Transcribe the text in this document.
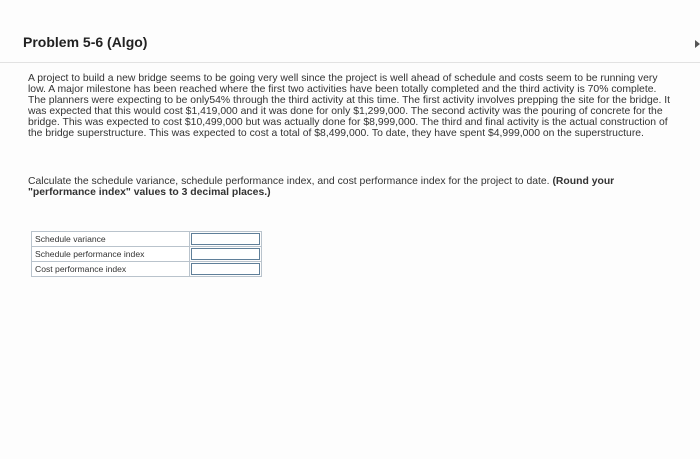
Problem 5-6 (Algo)

A project to build a new bridge seems to be going very well since the project is well ahead of schedule and costs seem to be running very low. A major milestone has been reached where the first two activities have been totally completed and the third activity is 70% complete. The planners were expecting to be only54% through the third activity at this time. The first activity involves prepping the site for the bridge. It was expected that this would cost $1,419,000 and it was done for only $1,299,000. The second activity was the pouring of concrete for the bridge. This was expected to cost $10,499,000 but was actually done for $8,999,000. The third and final activity is the actual construction of the bridge superstructure. This was expected to cost a total of $8,499,000. To date, they have spent $4,999,000 on the superstructure.

Calculate the schedule variance, schedule performance index, and cost performance index for the project to date. (Round your "performance index" values to 3 decimal places.)

Schedule variance	
Schedule performance index	
Cost performance index	
